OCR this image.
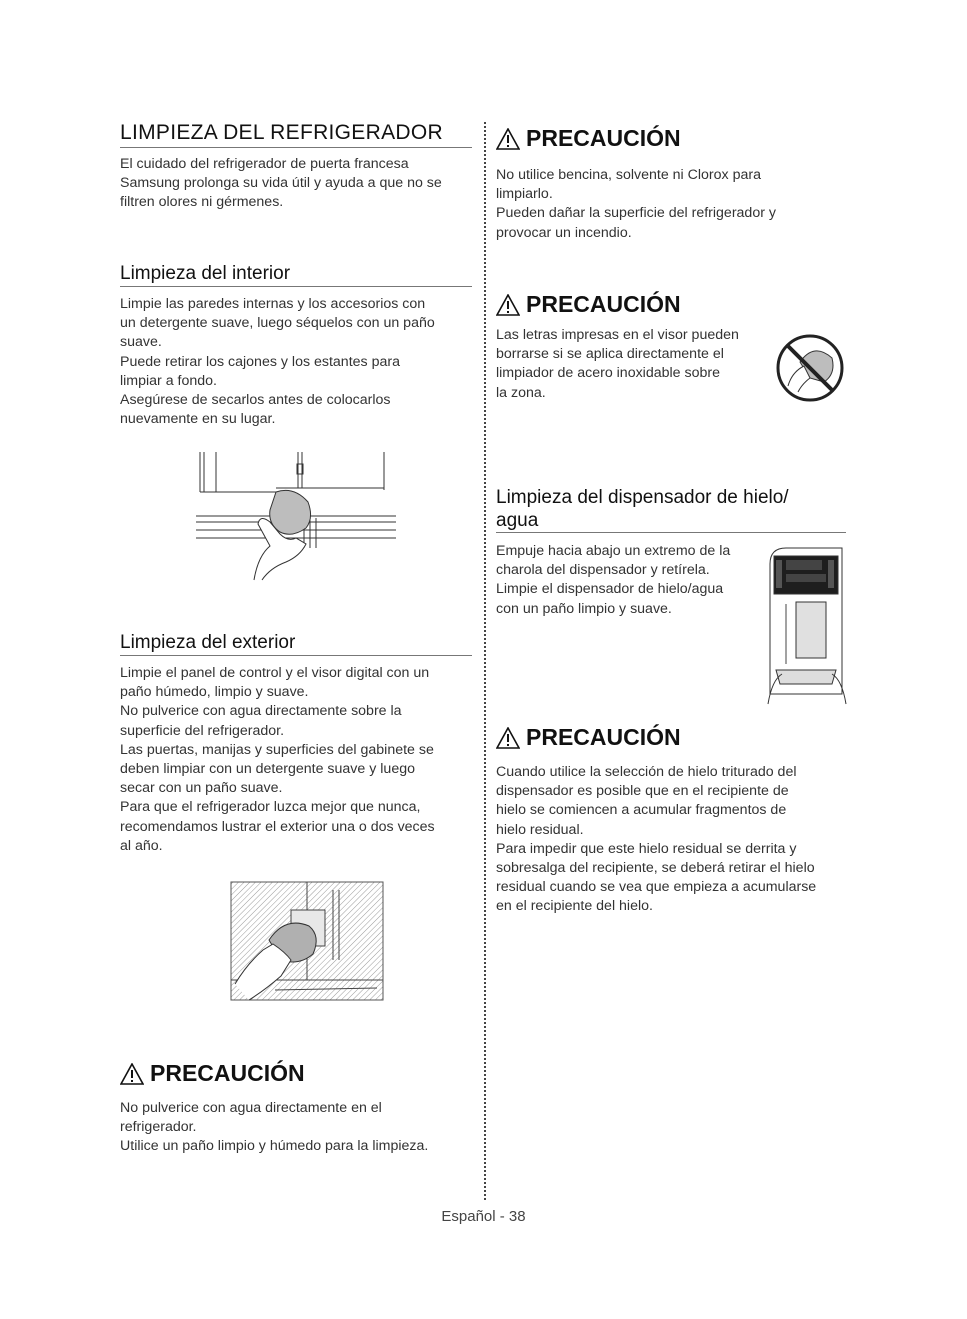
LIMPIEZA DEL REFRIGERADOR

El cuidado del refrigerador de puerta francesa

Samsung prolonga su vida útil y ayuda a que no se

filtren olores ni gérmenes.

Limpieza del interior

Limpie las paredes internas y los accesorios con

un detergente suave, luego séquelos con un paño

suave.

Puede retirar los cajones y los estantes para

limpiar a fondo.

Asegúrese de secarlos antes de colocarlos

nuevamente en su lugar.

Limpieza del exterior

Limpie el panel de control y el visor digital con un

paño húmedo, limpio y suave.

No pulverice con agua directamente sobre la

superficie del refrigerador.

Las puertas, manijas y superficies del gabinete se

deben limpiar con un detergente suave y luego

secar con un paño suave.

Para que el refrigerador luzca mejor que nunca,

recomendamos lustrar el exterior una o dos veces

al año.

PRECAUCIÓN

No pulverice con agua directamente en el

refrigerador.

Utilice un paño limpio y húmedo para la limpieza.

PRECAUCIÓN

No utilice bencina, solvente ni Clorox para

limpiarlo.

Pueden dañar la superficie del refrigerador y

provocar un incendio.

PRECAUCIÓN

Las letras impresas en el visor pueden

borrarse si se aplica directamente el

limpiador de acero inoxidable sobre

la zona.

Limpieza del dispensador de hielo/
agua

Empuje hacia abajo un extremo de la

charola del dispensador y retírela.

Limpie el dispensador de hielo/agua

con un paño limpio y suave.

PRECAUCIÓN

Cuando utilice la selección de hielo triturado del

dispensador es posible que en el recipiente de

hielo se comiencen a acumular fragmentos de

hielo residual.

Para impedir que este hielo residual se derrita y

sobresalga del recipiente, se deberá retirar el hielo

residual cuando se vea que empieza a acumularse

en el recipiente del hielo.

Español - 38
